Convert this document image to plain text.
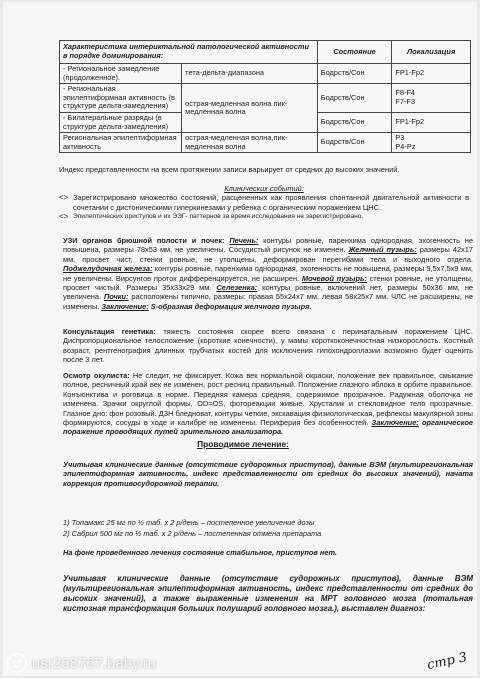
Характеристика интериктальной патологической активности в порядке доминирования:		Состояние	Локализация
- Региональное замедление (продолженное).	тета-дельта-диапазона	Бодрств/Сон	FP1-Fp2
- Региональная эпилептиформная активность (в структуре дельта-замедления)	острая-медленная волна пик-медленная волна	Бодрств/Сон	F8-F4
F7-F3
- Билатеральные разряды (в структуре дельта-замедления)		Бодрств/Сон	FP1-Fp2
Региональная эпилептиформная активность	острая-медленная волна,пик-медленная волна	Бодрств/Сон	P3
P4-Pz
Индекс представленности на всем протяжении записи варьирует от средних до высоких значений.
Клинических событий:
<> Зарегистрировано множество состояний, расцененных как проявления спонтанной двигательной активности в сочетании с дистоническими гиперкинезами у ребенка с органическим поражением ЦНС.
<> Эпилептических приступов и их ЭЭГ- паттернов за время исследования не зарегистрировано.
УЗИ органов брюшной полости и почек: Печень: контуры ровные, паренхима однородная, эхогенность не повышена, размеры 78х53 мм, не увеличены. Сосудистый рисунок не изменен. Желчный пузырь: размеры 42х17 мм, просвет чист, стенки ровные, не утолщены, деформирован перегибами тела и выходного отдела. Поджелудочная железа: контуры ровные, паренхима однородная, эхогенность не повышена, размеры 9,5х7,5х9 мм, не увеличены. Вирсунгов проток дифференцируется, не расширен. Мочевой пузырь: стенки ровные, не утолщены, просвет чистый. Размеры 35х33х29 мм. Селезенка: контуры ровные, включений нет, размеры 50х36 мм, не увеличена. Почки: расположены типично, размеры: правая 55х24х7 мм, левая 58х25х7 мм. ЧЛС не расширены, не изменены. Заключение: S-образная деформация желчного пузыря.
Консультация генетика: тяжесть состояния скорее всего связана с перинатальным поражением ЦНС. Диспропорциональное телосложение (короткие конечности), у мамы короткоконечностная низкорослость. Костный возраст, рентгенография длинных трубчатых костей для исключения гипохондроплазии возможно будет оценить после 3 лет.
Осмотр окулиста: Не следит, не фиксирует. Кожа век нормальной окраски, положение век правильное, смыкание полное, ресничный край век не изменен, рост ресниц правильный. Положение глазного яблока в орбите правильное. Конъюнктива и роговица в норме. Передняя камера средняя, содержимое прозрачное. Радужная оболочка не изменена. Зрачки округлой формы, OD=OS, фотореакции живые. Хрусталик и стекловидное тело прозрачные. Глазное дно: фон розовый. ДЗН бледноват, контуры четкие, экскавация физиологическая, рефлексы макулярной зоны формируются, сосуды в ходе и калибре не изменены. Периферия без особенностей. Заключение: органическое поражение проводящих путей зрительного анализатора.
Проводимое лечение:
Учитывая клинические данные (отсутствие судорожных приступов), данные ВЭМ (мультирегиональная эпилептиформная активность, индекс представленности от средних до высоких значений), начата коррекция противосудорожной терапии.
1) Топамакс 25 мг по ½ таб. х 2 р/день – постепенное увеличение дозы
2) Сабрил 500 мг по ½ таб. х 2 р/день – постепенная отмена препарата
На фоне проведенного лечения состояние стабильное, приступов нет.
Учитывая клинические данные (отсутствие судорожных приступов), данные ВЭМ (мультирегиональная эпилептиформная активность, индекс представленности от средних до высоких значений), а также выраженные изменения на МРТ головного мозга (тотальная кистозная трансформация больших полушарий головного мозга.), выставлен диагноз:
стр 3
usr268767.baby.ru
